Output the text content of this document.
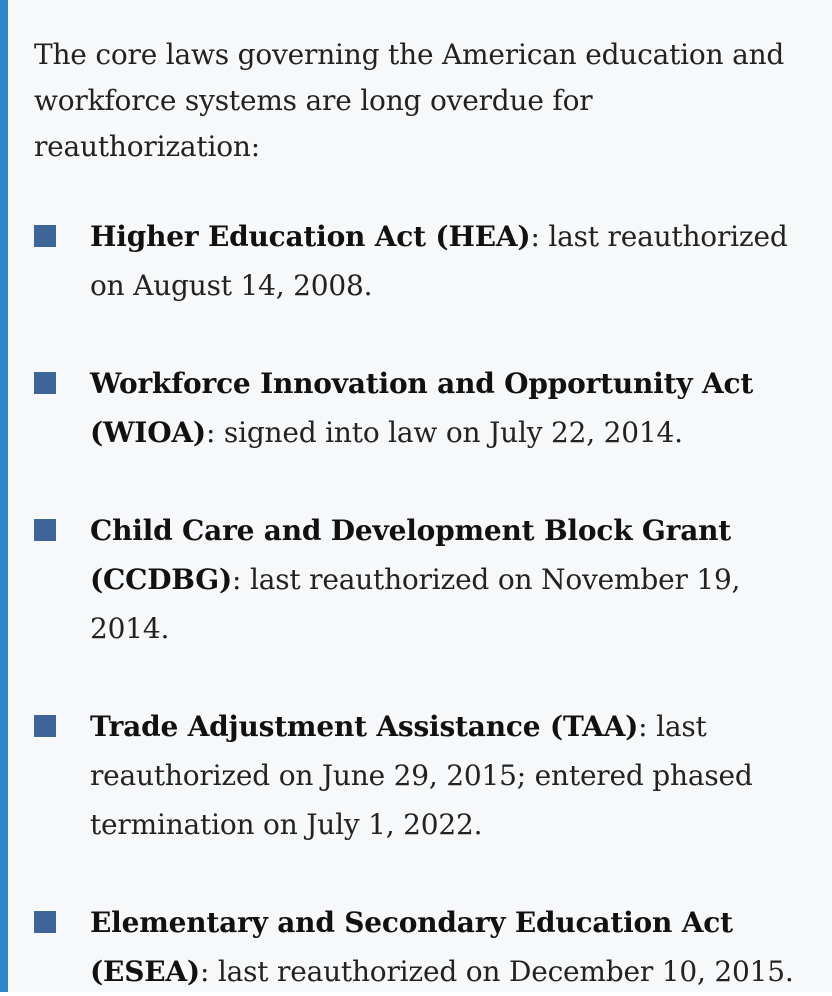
The core laws governing the American education and workforce systems are long overdue for reauthorization:

Higher Education Act (HEA): last reauthorized on August 14, 2008.
Workforce Innovation and Opportunity Act (WIOA): signed into law on July 22, 2014.
Child Care and Development Block Grant (CCDBG): last reauthorized on November 19, 2014.
Trade Adjustment Assistance (TAA): last reauthorized on June 29, 2015; entered phased termination on July 1, 2022.
Elementary and Secondary Education Act (ESEA): last reauthorized on December 10, 2015.
